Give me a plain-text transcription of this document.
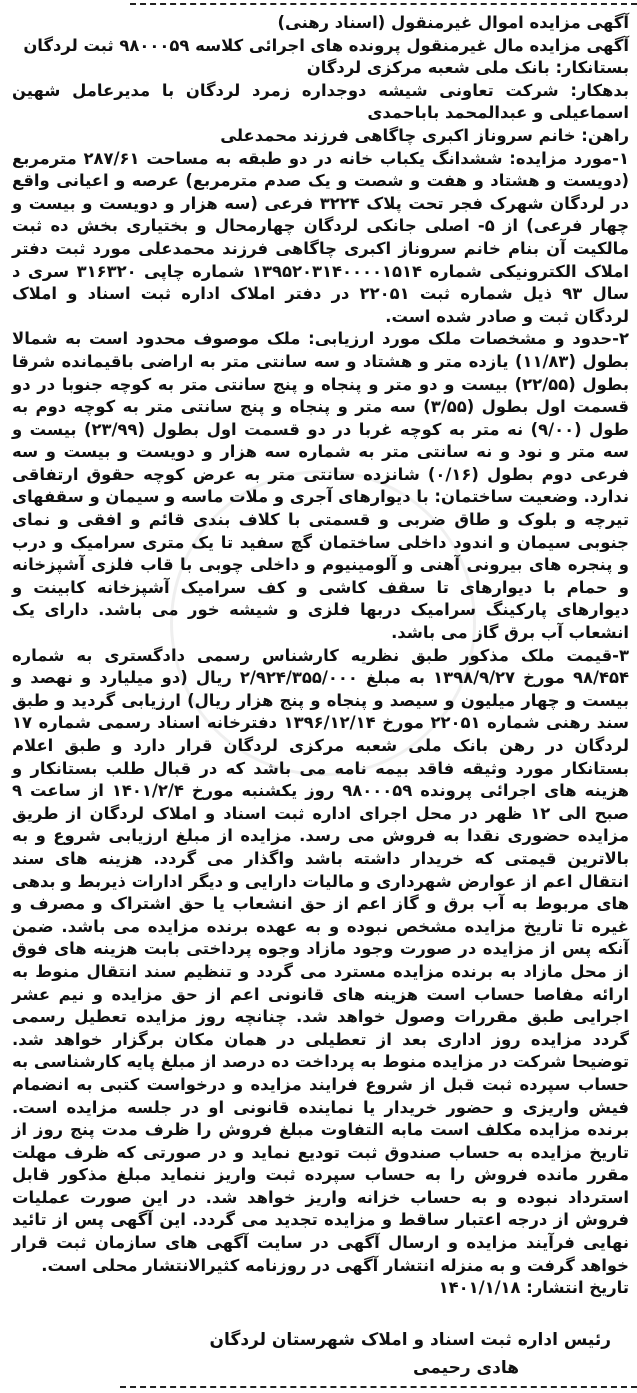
آگهی مزایده اموال غیرمنقول (اسناد رهنی)

آگهی مزایده مال غیرمنقول پرونده های اجرائی کلاسه ۹۸۰۰۰۵۹ ثبت لردگان

بستانکار: بانک ملی شعبه مرکزی لردگان

بدهکار: شرکت تعاونی شیشه دوجداره زمرد لردگان با مدیرعامل شهین اسماعیلی و عبدالمحمد باباحمدی

راهن: خانم سروناز اکبری چاگاهی فرزند محمدعلی

۱-مورد مزایده: ششدانگ یکباب خانه در دو طبقه به مساحت ۲۸۷/۶۱ مترمربع (دویست و هشتاد و هفت و شصت و یک صدم مترمربع) عرصه و اعیانی واقع در لردگان شهرک فجر تحت پلاک ۳۲۲۴ فرعی (سه هزار و دویست و بیست و چهار فرعی) از ۵- اصلی جانکی لردگان چهارمحال و بختیاری بخش ده ثبت مالکیت آن بنام خانم سروناز اکبری چاگاهی فرزند محمدعلی مورد ثبت دفتر املاک الکترونیکی شماره ۱۳۹۵۲۰۳۱۴۰۰۰۰۱۵۱۴ شماره چاپی ۳۱۶۳۲۰ سری د سال ۹۳ ذیل شماره ثبت ۲۲۰۵۱ در دفتر املاک اداره ثبت اسناد و املاک لردگان ثبت و صادر شده است.

۲-حدود و مشخصات ملک مورد ارزیابی: ملک موصوف محدود است به شمالا بطول (۱۱/۸۳) یازده متر و هشتاد و سه سانتی متر به اراضی باقیمانده شرقا بطول (۲۲/۵۵) بیست و دو متر و پنجاه و پنج سانتی متر به کوچه جنوبا در دو قسمت اول بطول (۳/۵۵) سه متر و پنجاه و پنج سانتی متر به کوچه دوم به طول (۹/۰۰) نه متر به کوچه غربا در دو قسمت اول بطول (۲۳/۹۹) بیست و سه متر و نود و نه سانتی متر به شماره سه هزار و دویست و بیست و سه فرعی دوم بطول (۰/۱۶) شانزده سانتی متر به عرض کوچه حقوق ارتفاقی ندارد. وضعیت ساختمان: با دیوارهای آجری و ملات ماسه و سیمان و سقفهای تیرچه و بلوک و طاق ضربی و قسمتی با کلاف بندی قائم و افقی و نمای جنوبی سیمان و اندود داخلی ساختمان گچ سفید تا یک متری سرامیک و درب و پنجره های بیرونی آهنی و آلومینیوم و داخلی چوبی با قاب فلزی آشپزخانه و حمام با دیوارهای تا سقف کاشی و کف سرامیک آشپزخانه کابینت و دیوارهای پارکینگ سرامیک دربها فلزی و شیشه خور می باشد. دارای یک انشعاب آب برق گاز می باشد.

۳-قیمت ملک مذکور طبق نظریه کارشناس رسمی دادگستری به شماره ۹۸/۴۵۴ مورخ ۱۳۹۸/۹/۲۷ به مبلغ ۲/۹۲۴/۳۵۵/۰۰۰ ریال (دو میلیارد و نهصد و بیست و چهار میلیون و سیصد و پنجاه و پنج هزار ریال) ارزیابی گردید و طبق سند رهنی شماره ۲۲۰۵۱ مورخ ۱۳۹۶/۱۲/۱۴ دفترخانه اسناد رسمی شماره ۱۷ لردگان در رهن بانک ملی شعبه مرکزی لردگان قرار دارد و طبق اعلام بستانکار مورد وثیقه فاقد بیمه نامه می باشد که در قبال طلب بستانکار و هزینه های اجرائی پرونده ۹۸۰۰۰۵۹ روز یکشنبه مورخ ۱۴۰۱/۲/۴ از ساعت ۹ صبح الی ۱۲ ظهر در محل اجرای اداره ثبت اسناد و املاک لردگان از طریق مزایده حضوری نقدا به فروش می رسد. مزایده از مبلغ ارزیابی شروع و به بالاترین قیمتی که خریدار داشته باشد واگذار می گردد. هزینه های سند انتقال اعم از عوارض شهرداری و مالیات دارایی و دیگر ادارات ذیربط و بدهی های مربوط به آب برق و گاز اعم از حق انشعاب یا حق اشتراک و مصرف و غیره تا تاریخ مزایده مشخص نبوده و به عهده برنده مزایده می باشد. ضمن آنکه پس از مزایده در صورت وجود مازاد وجوه پرداختی بابت هزینه های فوق از محل مازاد به برنده مزایده مسترد می گردد و تنظیم سند انتقال منوط به ارائه مفاصا حساب است هزینه های قانونی اعم از حق مزایده و نیم عشر اجرایی طبق مقررات وصول خواهد شد. چنانچه روز مزایده تعطیل رسمی گردد مزایده روز اداری بعد از تعطیلی در همان مکان برگزار خواهد شد. توضیحا شرکت در مزایده منوط به پرداخت ده درصد از مبلغ پایه کارشناسی به حساب سپرده ثبت قبل از شروع فرایند مزایده و درخواست کتبی به انضمام فیش واریزی و حضور خریدار یا نماینده قانونی او در جلسه مزایده است. برنده مزایده مکلف است مابه التفاوت مبلغ فروش را ظرف مدت پنج روز از تاریخ مزایده به حساب صندوق ثبت تودیع نماید و در صورتی که ظرف مهلت مقرر مانده فروش را به حساب سپرده ثبت واریز ننماید مبلغ مذکور قابل استرداد نبوده و به حساب خزانه واریز خواهد شد. در این صورت عملیات فروش از درجه اعتبار ساقط و مزایده تجدید می گردد. این آگهی پس از تائید نهایی فرآیند مزایده و ارسال آگهی در سایت آگهی های سازمان ثبت قرار خواهد گرفت و به منزله انتشار آگهی در روزنامه کثیرالانتشار محلی است.

تاریخ انتشار: ۱۴۰۱/۱/۱۸

رئیس اداره ثبت اسناد و املاک شهرستان لردگان
هادی رحیمی
